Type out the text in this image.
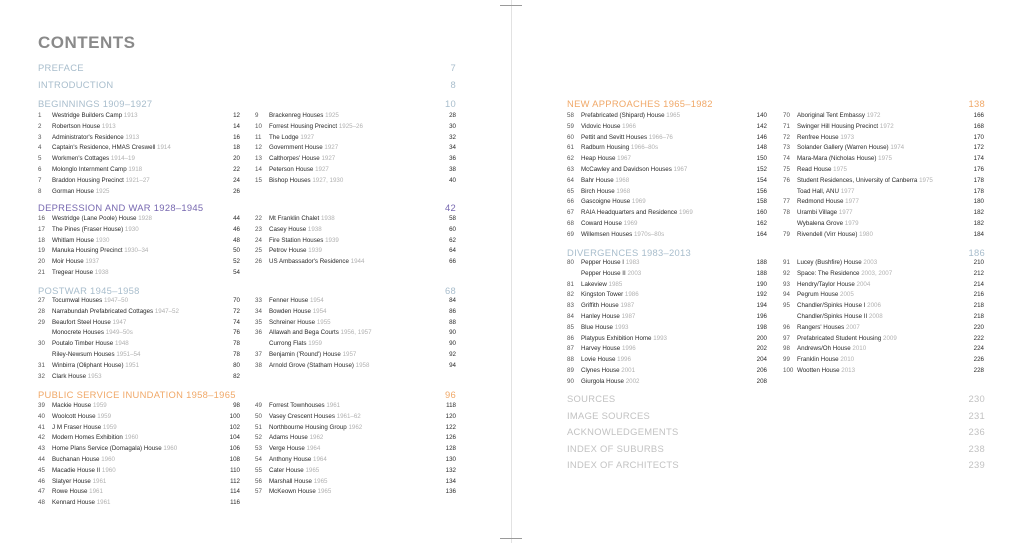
CONTENTS
PREFACE	7
INTRODUCTION	8
BEGINNINGS 1909–1927	10
1	Westridge Builders Camp 1913	12
2	Robertson House 1913	14
3	Administrator's Residence 1913	16
4	Captain's Residence, HMAS Creswell 1914	18
5	Workmen's Cottages 1914–19	20
6	Molonglo Internment Camp 1918	22
7	Braddon Housing Precinct 1921–27	24
8	Gorman House 1925	26
9	Brackenreg Houses 1925	28
10	Forrest Housing Precinct 1925–26	30
11	The Lodge 1927	32
12	Government House 1927	34
13	Calthorpes' House 1927	36
14	Peterson House 1927	38
15	Bishop Houses 1927, 1930	40
DEPRESSION AND WAR 1928–1945	42
16	Westridge (Lane Poole) House 1928	44
17	The Pines (Fraser House) 1930	46
18	Whitlam House 1930	48
19	Manuka Housing Precinct 1930–34	50
20	Moir House 1937	52
21	Tregear House 1938	54
22	Mt Franklin Chalet 1938	58
23	Casey House 1938	60
24	Fire Station Houses 1939	62
25	Petrov House 1939	64
26	US Ambassador's Residence 1944	66
POSTWAR 1945–1958	68
27	Tocumwal Houses 1947–50	70
28	Narrabundah Prefabricated Cottages 1947–52	72
29	Beaufort Steel House 1947	74
Monocrete Houses 1949–50s	76
30	Poutalo Timber House 1948	78
Riley-Newsum Houses 1951–54	78
31	Winbirra (Oliphant House) 1951	80
32	Clark House 1953	82
33	Fenner House 1954	84
34	Bowden House 1954	86
35	Schreiner House 1955	88
36	Allawah and Bega Courts 1956, 1957	90
Currong Flats 1959	90
37	Benjamin ('Round') House 1957	92
38	Arnold Grove (Statham House) 1958	94
PUBLIC SERVICE INUNDATION 1958–1965	96
39	Mackie House 1959	98
40	Woolcott House 1959	100
41	J M Fraser House 1959	102
42	Modern Homes Exhibition 1960	104
43	Home Plans Service (Domagala) House 1960	106
44	Buchanan House 1960	108
45	Macadie House II 1960	110
46	Slatyer House 1961	112
47	Rowe House 1961	114
48	Kennard House 1961	116
49	Forrest Townhouses 1961	118
50	Vasey Crescent Houses 1961–62	120
51	Northbourne Housing Group 1962	122
52	Adams House 1962	126
53	Verge House 1964	128
54	Anthony House 1964	130
55	Cater House 1965	132
56	Marshall House 1965	134
57	McKeown House 1965	136
NEW APPROACHES 1965–1982	138
58	Prefabricated (Shipard) House 1965	140
59	Vidovic House 1966	142
60	Pettit and Sevitt Houses 1966–76	146
61	Radburn Housing 1966–80s	148
62	Heap House 1967	150
63	McCawley and Davidson Houses 1967	152
64	Bahr House 1968	154
65	Birch House 1968	156
66	Gascoigne House 1969	158
67	RAIA Headquarters and Residence 1969	160
68	Coward House 1969	162
69	Willemsen Houses 1970s–80s	164
70	Aboriginal Tent Embassy 1972	166
71	Swinger Hill Housing Precinct 1972	168
72	Renfree House 1973	170
73	Solander Gallery (Warren House) 1974	172
74	Mara-Mara (Nicholas House) 1975	174
75	Read House 1975	176
76	Student Residences, University of Canberra 1975	178
Toad Hall, ANU 1977	178
77	Redmond House 1977	180
78	Urambi Village 1977	182
Wybalena Grove 1979	182
79	Rivendell (Virr House) 1980	184
DIVERGENCES 1983–2013	186
80	Pepper House I 1983	188
Pepper House II 2003	188
81	Lakeview 1985	190
82	Kingston Tower 1986	192
83	Griffith House 1987	194
84	Hanley House 1987	196
85	Blue House 1993	198
86	Platypus Exhibition Home 1993	200
87	Harvey House 1996	202
88	Lovie House 1996	204
89	Clynes House 2001	206
90	Giurgola House 2002	208
91	Lucey (Bushfire) House 2003	210
92	Space: The Residence 2003, 2007	212
93	Hendry/Taylor House 2004	214
94	Pegrum House 2005	216
95	Chandler/Spinks House I 2006	218
Chandler/Spinks House II 2008	218
96	Rangers' Houses 2007	220
97	Prefabricated Student Housing 2009	222
98	Andrews/Oh House 2010	224
99	Franklin House 2010	226
100 Wootten House 2013	228
SOURCES	230
IMAGE SOURCES	231
ACKNOWLEDGEMENTS	236
INDEX OF SUBURBS	238
INDEX OF ARCHITECTS	239
